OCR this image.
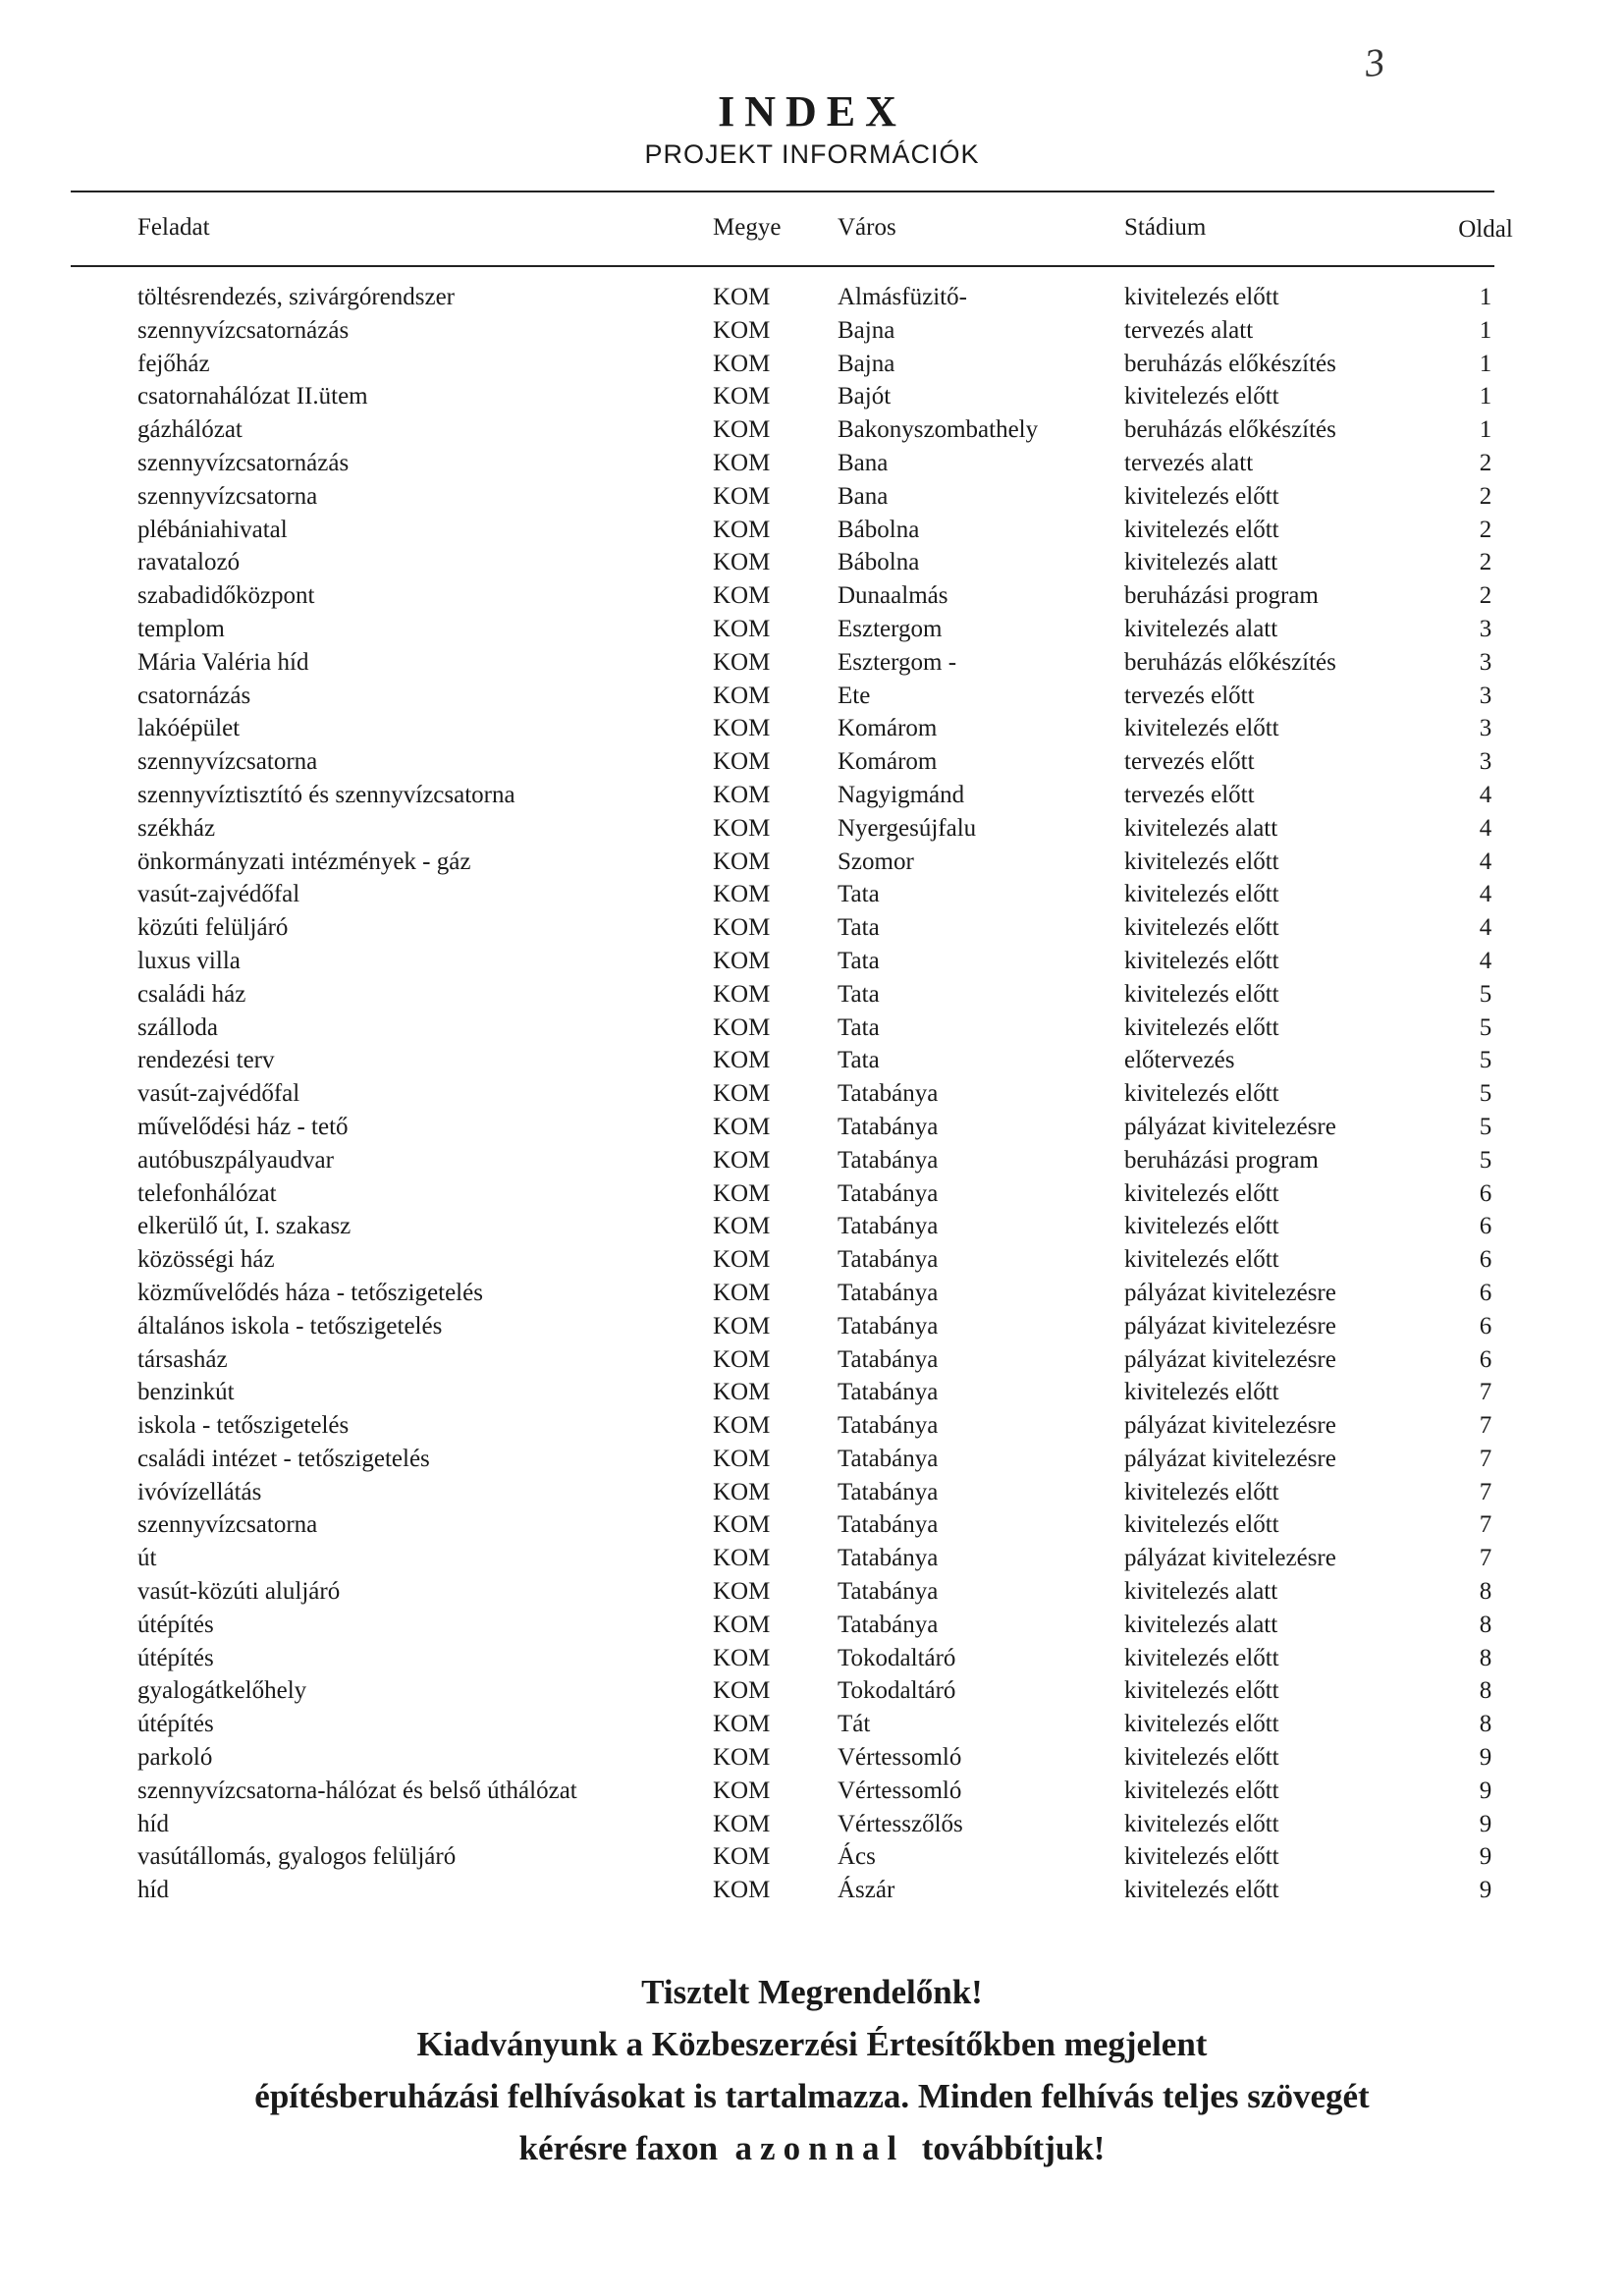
3
INDEX
PROJEKT INFORMÁCIÓK
Feladat	Megye Város	Stádium	Oldal
töltésrendezés, szivárgórendszer	KOM	Almásfüzitő-	kivitelezés előtt	1
szennyvízcsatornázás	KOM	Bajna	tervezés alatt	1
fejőház	KOM	Bajna	beruházás előkészítés	1
csatornahálózat II.ütem	KOM	Bajót	kivitelezés előtt	1
gázhálózat	KOM	Bakonyszombathely	beruházás előkészítés	1
szennyvízcsatornázás	KOM	Bana	tervezés alatt	2
szennyvízcsatorna	KOM	Bana	kivitelezés előtt	2
plébániahivatal	KOM	Bábolna	kivitelezés előtt	2
ravatalozó	KOM	Bábolna	kivitelezés alatt	2
szabadidőközpont	KOM	Dunaalmás	beruházási program	2
templom	KOM	Esztergom	kivitelezés alatt	3
Mária Valéria híd	KOM	Esztergom -	beruházás előkészítés	3
csatornázás	KOM	Ete	tervezés előtt	3
lakóépület	KOM	Komárom	kivitelezés előtt	3
szennyvízcsatorna	KOM	Komárom	tervezés előtt	3
szennyvíztisztító és szennyvízcsatorna	KOM	Nagyigmánd	tervezés előtt	4
székház	KOM	Nyergesújfalu	kivitelezés alatt	4
önkormányzati intézmények - gáz	KOM	Szomor	kivitelezés előtt	4
vasút-zajvédőfal	KOM	Tata	kivitelezés előtt	4
közúti felüljáró	KOM	Tata	kivitelezés előtt	4
luxus villa	KOM	Tata	kivitelezés előtt	4
családi ház	KOM	Tata	kivitelezés előtt	5
szálloda	KOM	Tata	kivitelezés előtt	5
rendezési terv	KOM	Tata	előtervezés	5
vasút-zajvédőfal	KOM	Tatabánya	kivitelezés előtt	5
művelődési ház - tető	KOM	Tatabánya	pályázat kivitelezésre	5
autóbuszpályaudvar	KOM	Tatabánya	beruházási program	5
telefonhálózat	KOM	Tatabánya	kivitelezés előtt	6
elkerülő út, I. szakasz	KOM	Tatabánya	kivitelezés előtt	6
közösségi ház	KOM	Tatabánya	kivitelezés előtt	6
közművelődés háza - tetőszigetelés	KOM	Tatabánya	pályázat kivitelezésre	6
általános iskola - tetőszigetelés	KOM	Tatabánya	pályázat kivitelezésre	6
társasház	KOM	Tatabánya	pályázat kivitelezésre	6
benzinkút	KOM	Tatabánya	kivitelezés előtt	7
iskola - tetőszigetelés	KOM	Tatabánya	pályázat kivitelezésre	7
családi intézet - tetőszigetelés	KOM	Tatabánya	pályázat kivitelezésre	7
ivóvízellátás	KOM	Tatabánya	kivitelezés előtt	7
szennyvízcsatorna	KOM	Tatabánya	kivitelezés előtt	7
út	KOM	Tatabánya	pályázat kivitelezésre	7
vasút-közúti aluljáró	KOM	Tatabánya	kivitelezés alatt	8
útépítés	KOM	Tatabánya	kivitelezés alatt	8
útépítés	KOM	Tokodaltáró	kivitelezés előtt	8
gyalogátkelőhely	KOM	Tokodaltáró	kivitelezés előtt	8
útépítés	KOM	Tát	kivitelezés előtt	8
parkoló	KOM	Vértessomló	kivitelezés előtt	9
szennyvízcsatorna-hálózat és belső úthálózat	KOM	Vértessomló	kivitelezés előtt	9
híd	KOM	Vértesszőlős	kivitelezés előtt	9
vasútállomás, gyalogos felüljáró	KOM	Ács	kivitelezés előtt	9
híd	KOM	Ászár	kivitelezés előtt	9
Tisztelt Megrendelőnk!
Kiadványunk a Közbeszerzési Értesítőkben megjelent
építésberuházási felhívásokat is tartalmazza. Minden felhívás teljes szövegét
kérésre faxon azonnal továbbítjuk!
